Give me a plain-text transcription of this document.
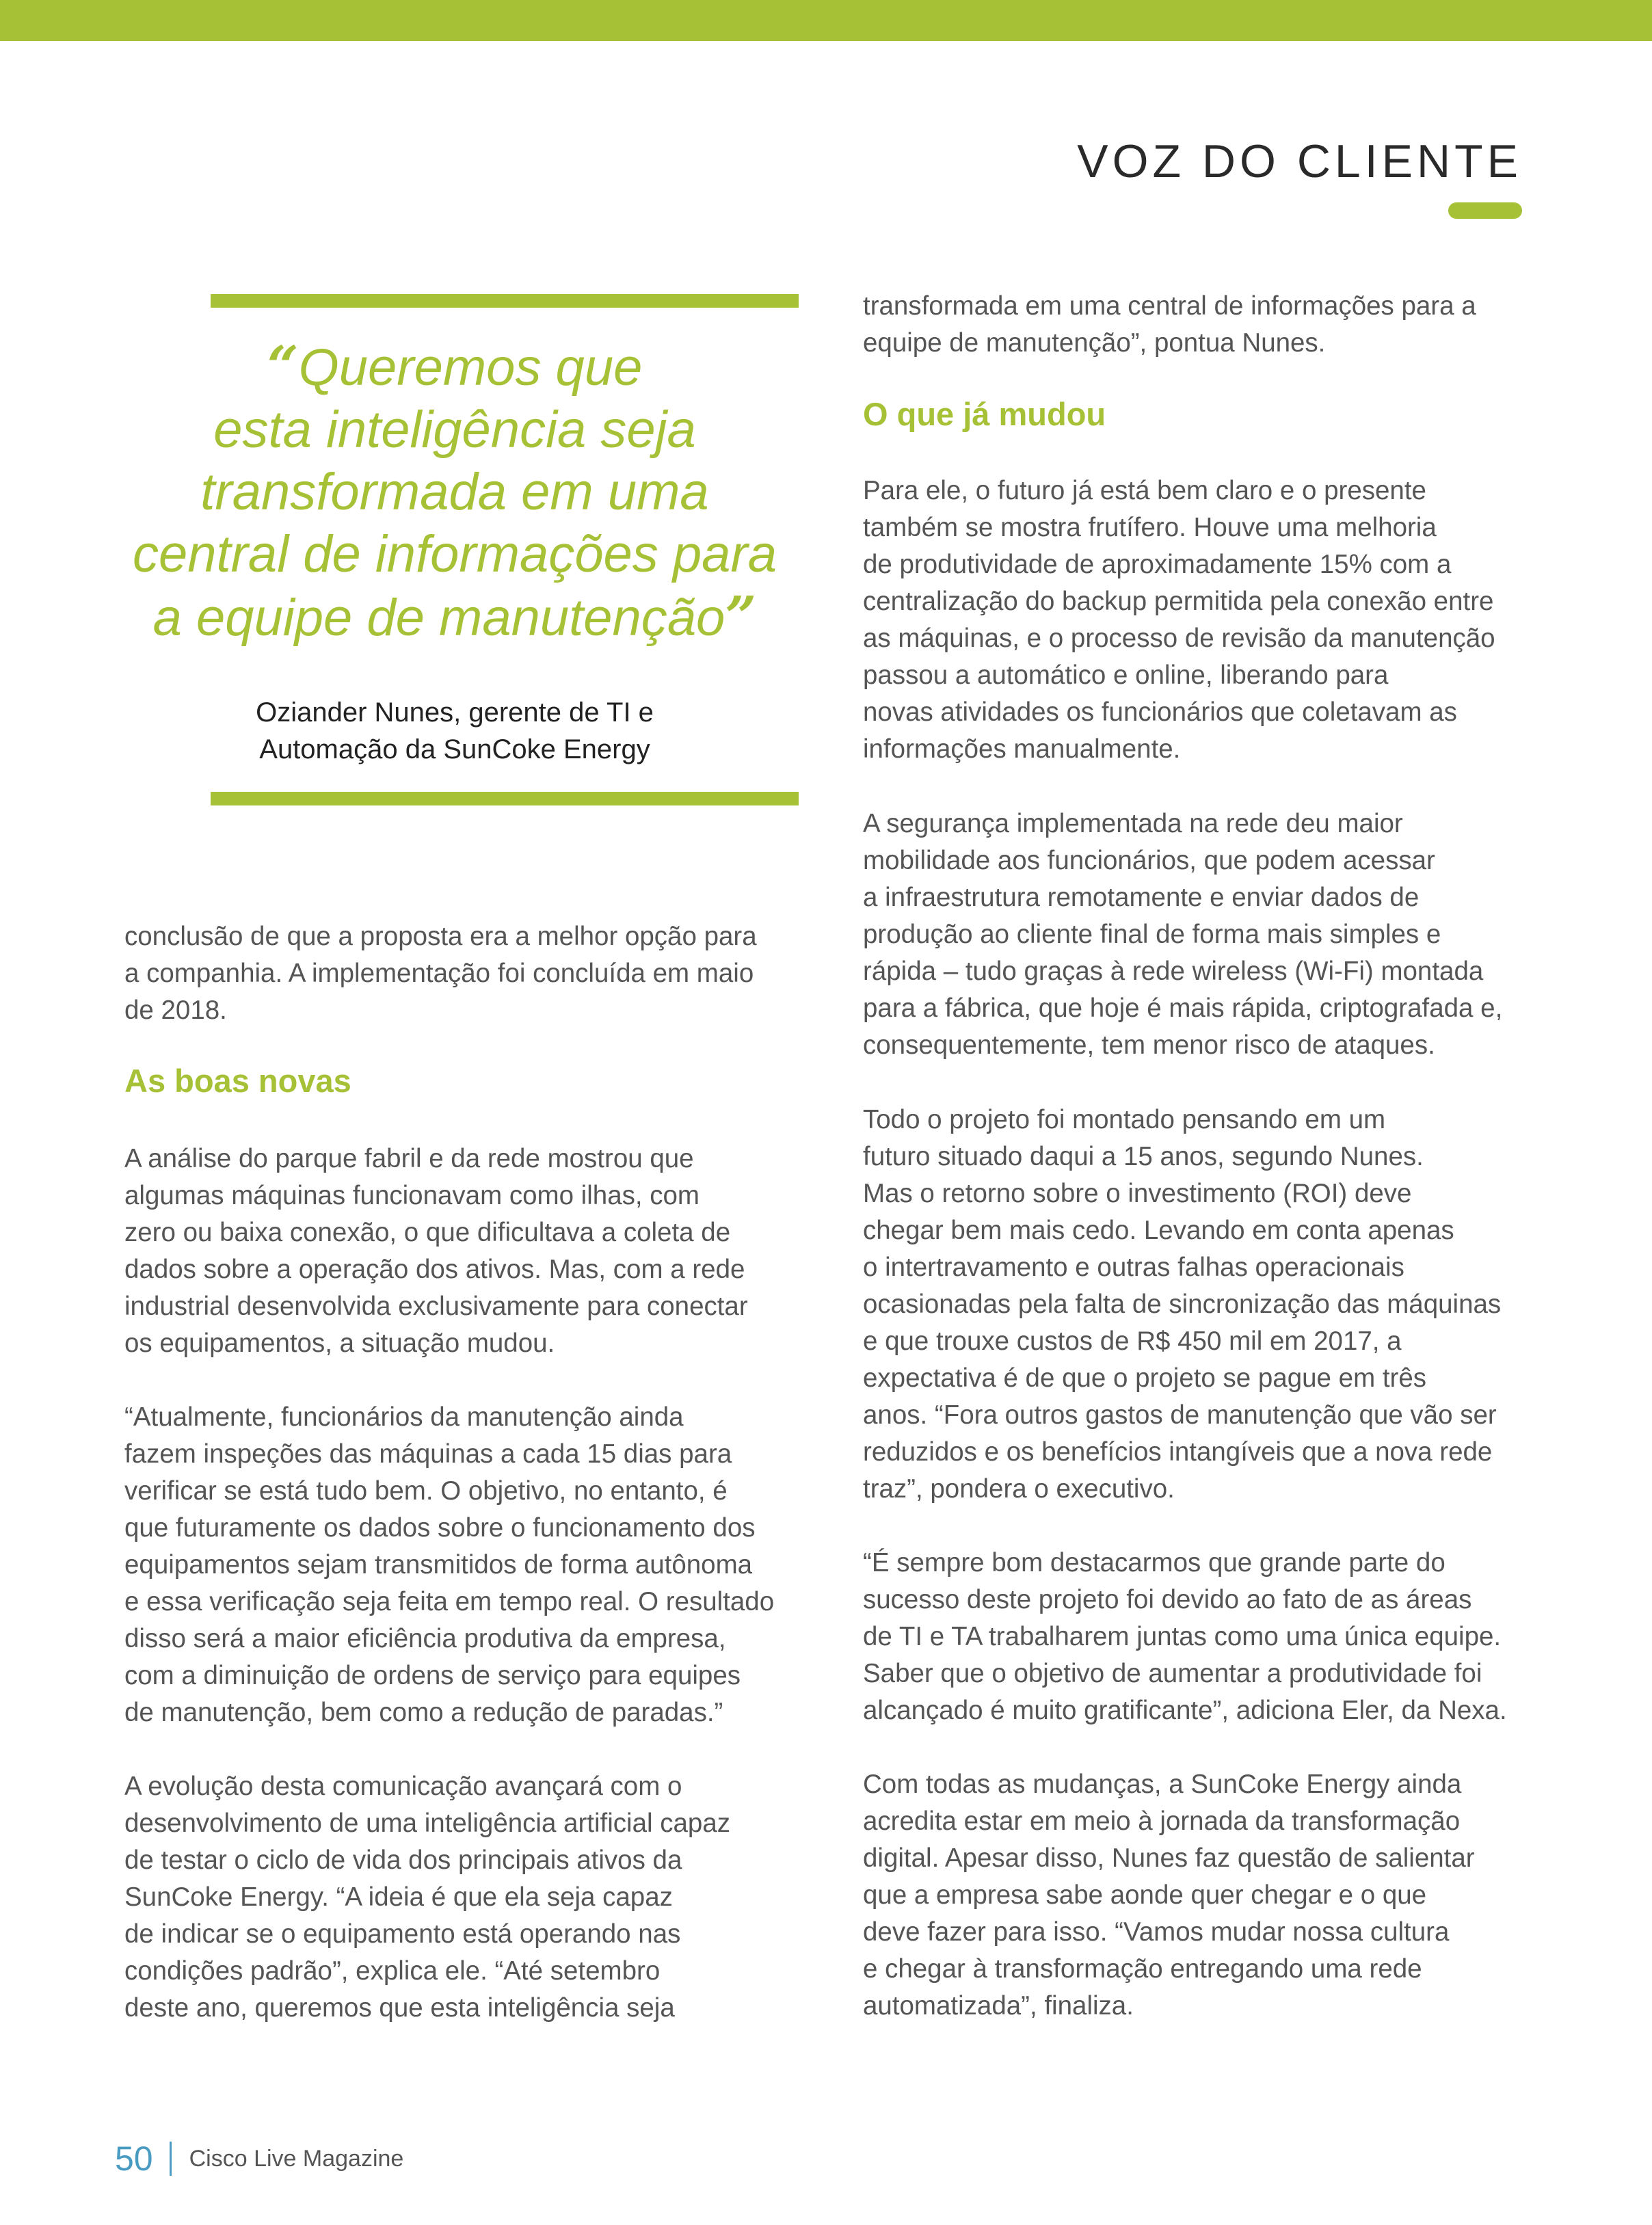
VOZ DO CLIENTE
“Queremos que
esta inteligência seja
transformada em uma
central de informações para
a equipe de manutenção”
Oziander Nunes, gerente de TI e
Automação da SunCoke Energy
conclusão de que a proposta era a melhor opção para
a companhia. A implementação foi concluída em maio
de 2018.
As boas novas
A análise do parque fabril e da rede mostrou que
algumas máquinas funcionavam como ilhas, com
zero ou baixa conexão, o que dificultava a coleta de
dados sobre a operação dos ativos. Mas, com a rede
industrial desenvolvida exclusivamente para conectar
os equipamentos, a situação mudou.
“Atualmente, funcionários da manutenção ainda
fazem inspeções das máquinas a cada 15 dias para
verificar se está tudo bem. O objetivo, no entanto, é
que futuramente os dados sobre o funcionamento dos
equipamentos sejam transmitidos de forma autônoma
e essa verificação seja feita em tempo real. O resultado
disso será a maior eficiência produtiva da empresa,
com a diminuição de ordens de serviço para equipes
de manutenção, bem como a redução de paradas.”
A evolução desta comunicação avançará com o
desenvolvimento de uma inteligência artificial capaz
de testar o ciclo de vida dos principais ativos da
SunCoke Energy. “A ideia é que ela seja capaz
de indicar se o equipamento está operando nas
condições padrão”, explica ele. “Até setembro
deste ano, queremos que esta inteligência seja
transformada em uma central de informações para a
equipe de manutenção”, pontua Nunes.
O que já mudou
Para ele, o futuro já está bem claro e o presente
também se mostra frutífero. Houve uma melhoria
de produtividade de aproximadamente 15% com a
centralização do backup permitida pela conexão entre
as máquinas, e o processo de revisão da manutenção
passou a automático e online, liberando para
novas atividades os funcionários que coletavam as
informações manualmente.
A segurança implementada na rede deu maior
mobilidade aos funcionários, que podem acessar
a infraestrutura remotamente e enviar dados de
produção ao cliente final de forma mais simples e
rápida – tudo graças à rede wireless (Wi-Fi) montada
para a fábrica, que hoje é mais rápida, criptografada e,
consequentemente, tem menor risco de ataques.
Todo o projeto foi montado pensando em um
futuro situado daqui a 15 anos, segundo Nunes.
Mas o retorno sobre o investimento (ROI) deve
chegar bem mais cedo. Levando em conta apenas
o intertravamento e outras falhas operacionais
ocasionadas pela falta de sincronização das máquinas
e que trouxe custos de R$ 450 mil em 2017, a
expectativa é de que o projeto se pague em três
anos. “Fora outros gastos de manutenção que vão ser
reduzidos e os benefícios intangíveis que a nova rede
traz”, pondera o executivo.
“É sempre bom destacarmos que grande parte do
sucesso deste projeto foi devido ao fato de as áreas
de TI e TA trabalharem juntas como uma única equipe.
Saber que o objetivo de aumentar a produtividade foi
alcançado é muito gratificante”, adiciona Eler, da Nexa.
Com todas as mudanças, a SunCoke Energy ainda
acredita estar em meio à jornada da transformação
digital. Apesar disso, Nunes faz questão de salientar
que a empresa sabe aonde quer chegar e o que
deve fazer para isso. “Vamos mudar nossa cultura
e chegar à transformação entregando uma rede
automatizada”, finaliza.
50 Cisco Live Magazine
